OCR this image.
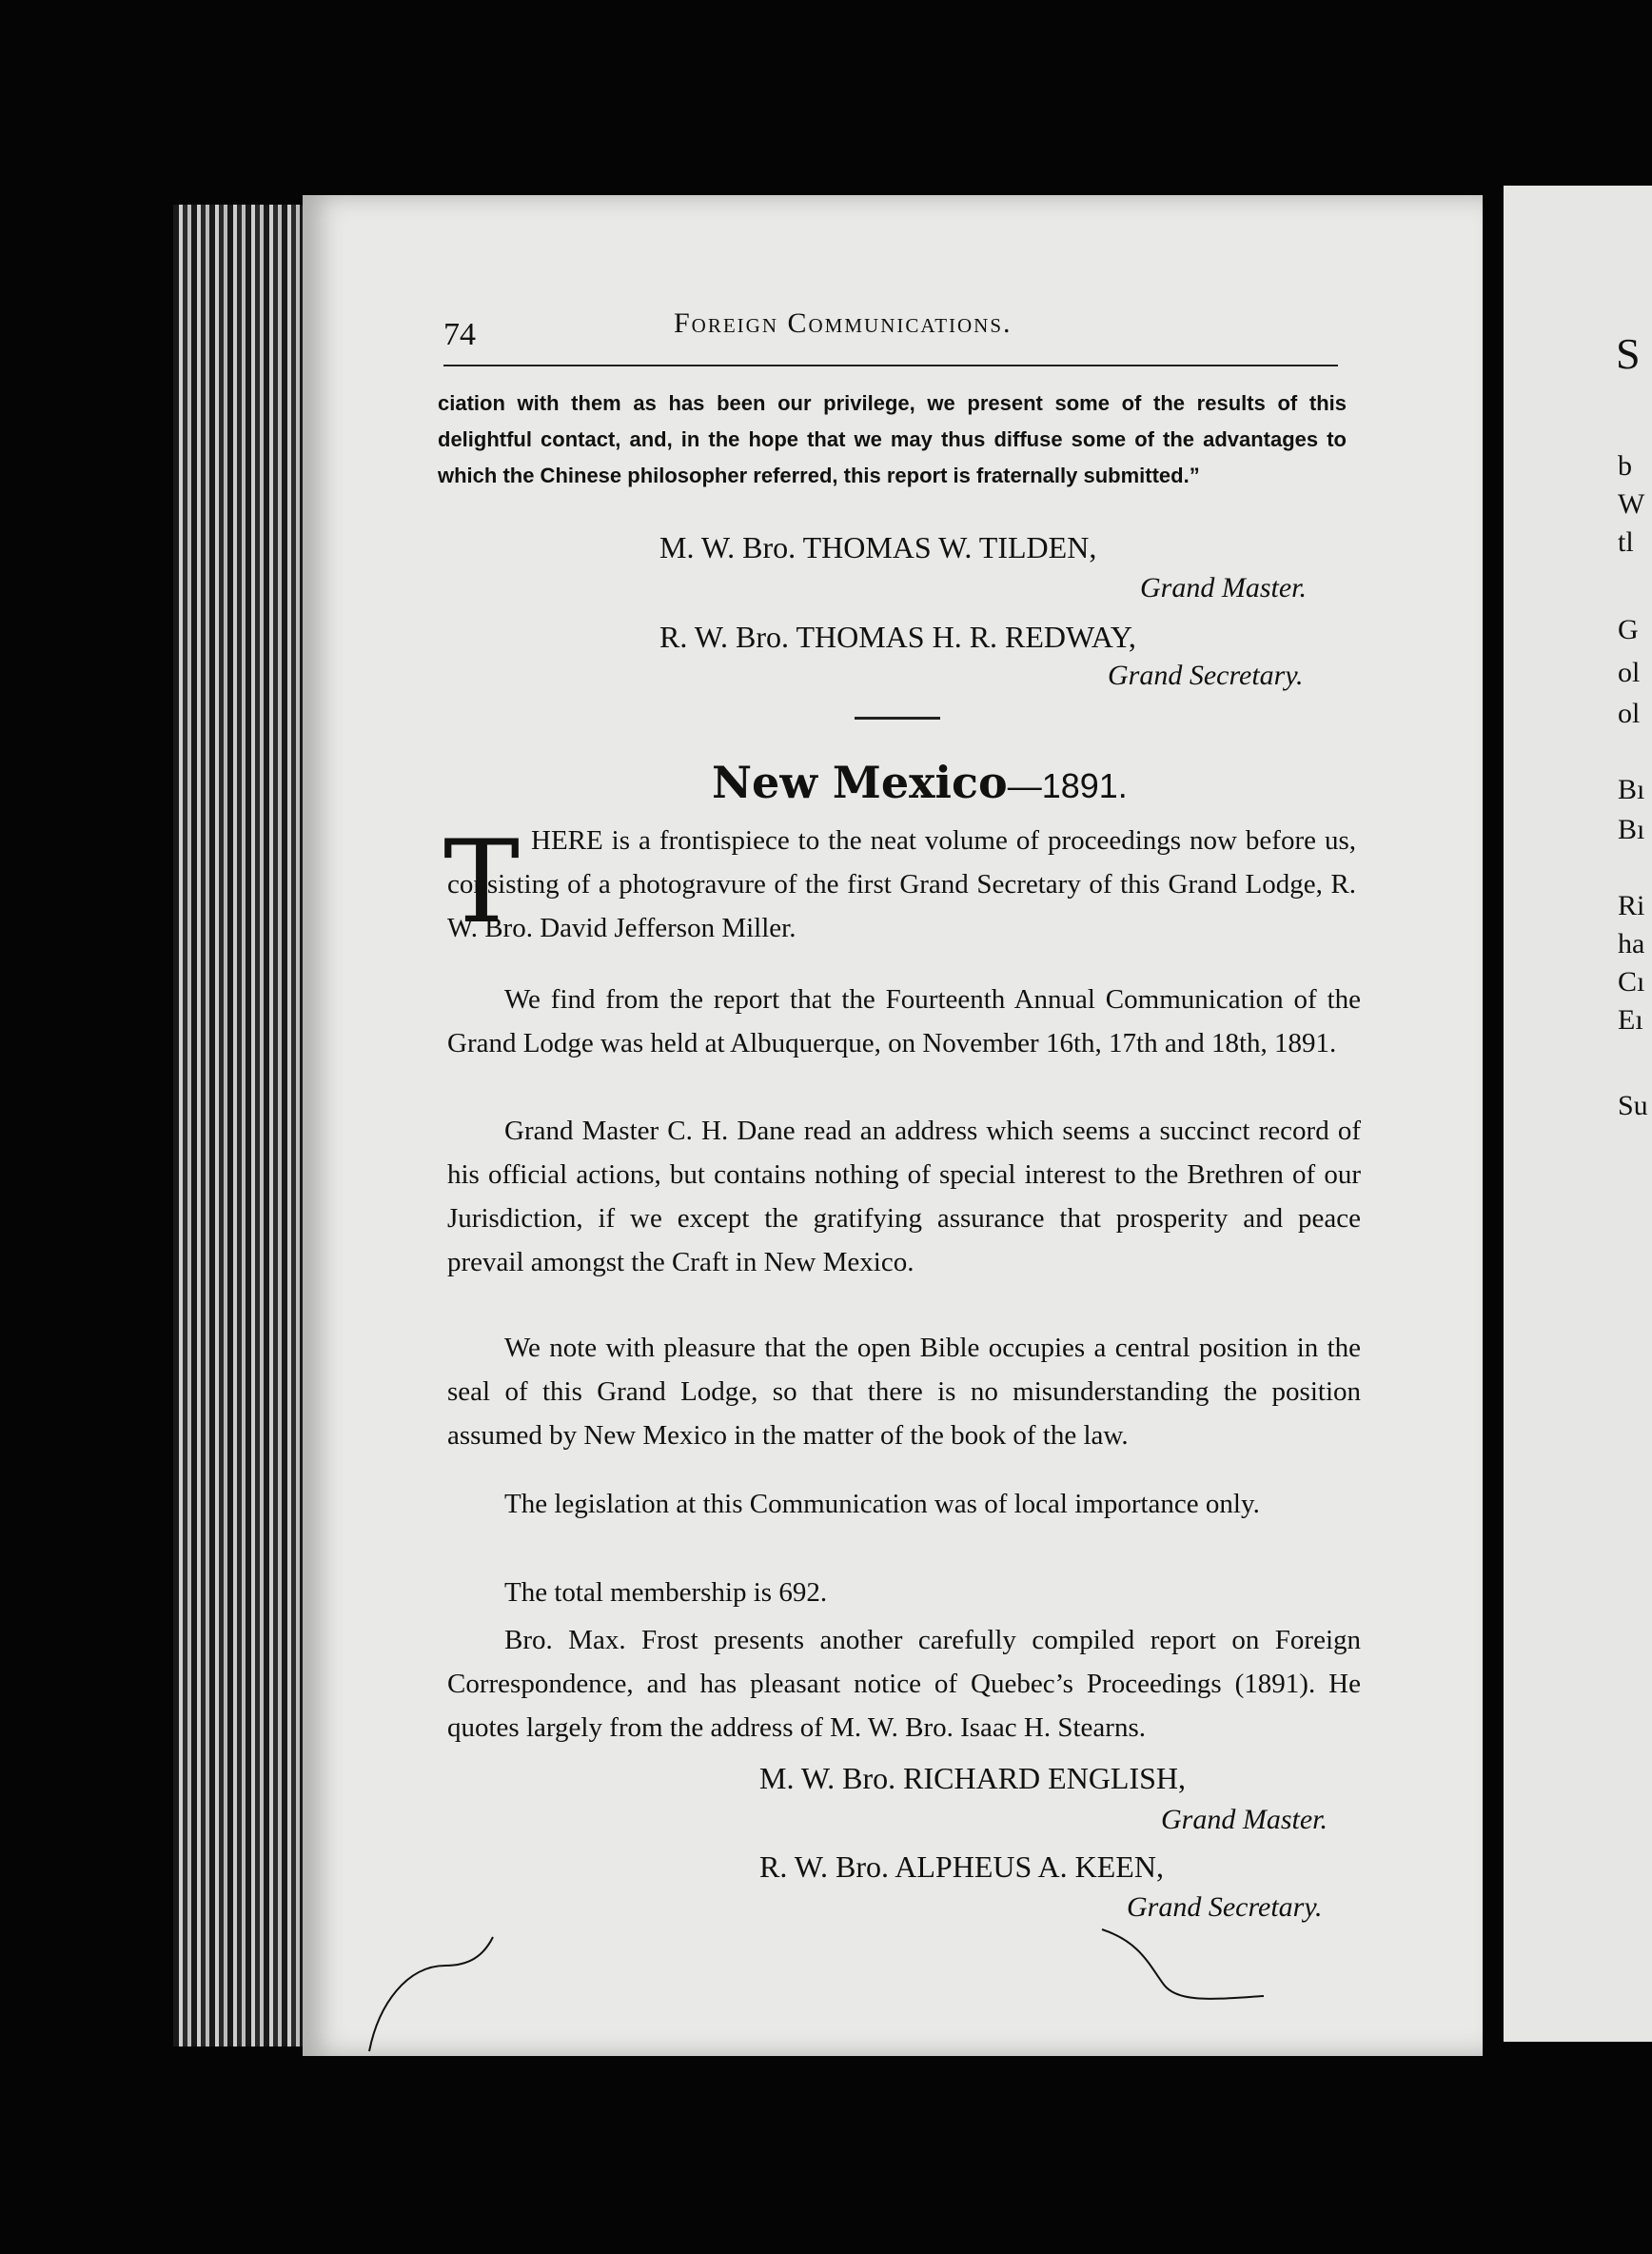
S
b
W
tl
G
ol
ol
Bı
Bı
Ri
ha
Cı
Eı
Su
74	Foreign Communications.
ciation with them as has been our privilege, we present some of the results of this delightful contact, and, in the hope that we may thus diffuse some of the advantages to which the Chinese philosopher referred, this report is fraternally submitted.”
M. W. Bro. THOMAS W. TILDEN,
Grand Master.
R. W. Bro. THOMAS H. R. REDWAY,
Grand Secretary.
New Mexico—1891.
T HERE is a frontispiece to the neat volume of proceedings now before us, consisting of a photogravure of the first Grand Secretary of this Grand Lodge, R. W. Bro. David Jefferson Miller.
We find from the report that the Fourteenth Annual Communication of the Grand Lodge was held at Albuquerque, on November 16th, 17th and 18th, 1891.
Grand Master C. H. Dane read an address which seems a succinct record of his official actions, but contains nothing of special interest to the Brethren of our Jurisdiction, if we except the gratifying assurance that prosperity and peace prevail amongst the Craft in New Mexico.
We note with pleasure that the open Bible occupies a central position in the seal of this Grand Lodge, so that there is no misunderstanding the position assumed by New Mexico in the matter of the book of the law.
The legislation at this Communication was of local importance only.
The total membership is 692.
Bro. Max. Frost presents another carefully compiled report on Foreign Correspondence, and has pleasant notice of Quebec’s Proceedings (1891). He quotes largely from the address of M. W. Bro. Isaac H. Stearns.
M. W. Bro. RICHARD ENGLISH,
Grand Master.
R. W. Bro. ALPHEUS A. KEEN,
Grand Secretary.
